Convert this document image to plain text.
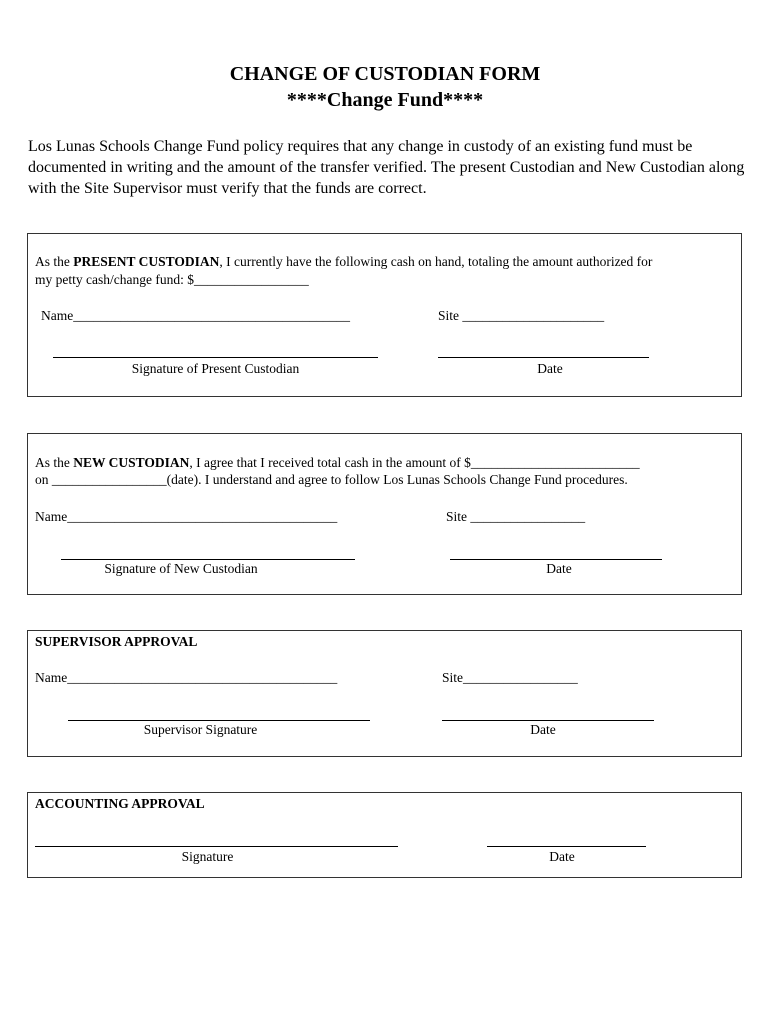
CHANGE OF CUSTODIAN FORM
****Change Fund****
Los Lunas Schools Change Fund policy requires that any change in custody of an existing fund must be documented in writing and the amount of the transfer verified. The present Custodian and New Custodian along with the Site Supervisor must verify that the funds are correct.
As the PRESENT CUSTODIAN, I currently have the following cash on hand, totaling the amount authorized for
my petty cash/change fund: $_________________
Name_________________________________________	Site _____________________
Signature of Present Custodian	Date
As the NEW CUSTODIAN, I agree that I received total cash in the amount of $_________________________
on _________________(date). I understand and agree to follow Los Lunas Schools Change Fund procedures.
Name________________________________________	Site _________________
Signature of New Custodian	Date
SUPERVISOR APPROVAL
Name________________________________________	Site_________________
Supervisor Signature	Date
ACCOUNTING APPROVAL
Signature	Date
